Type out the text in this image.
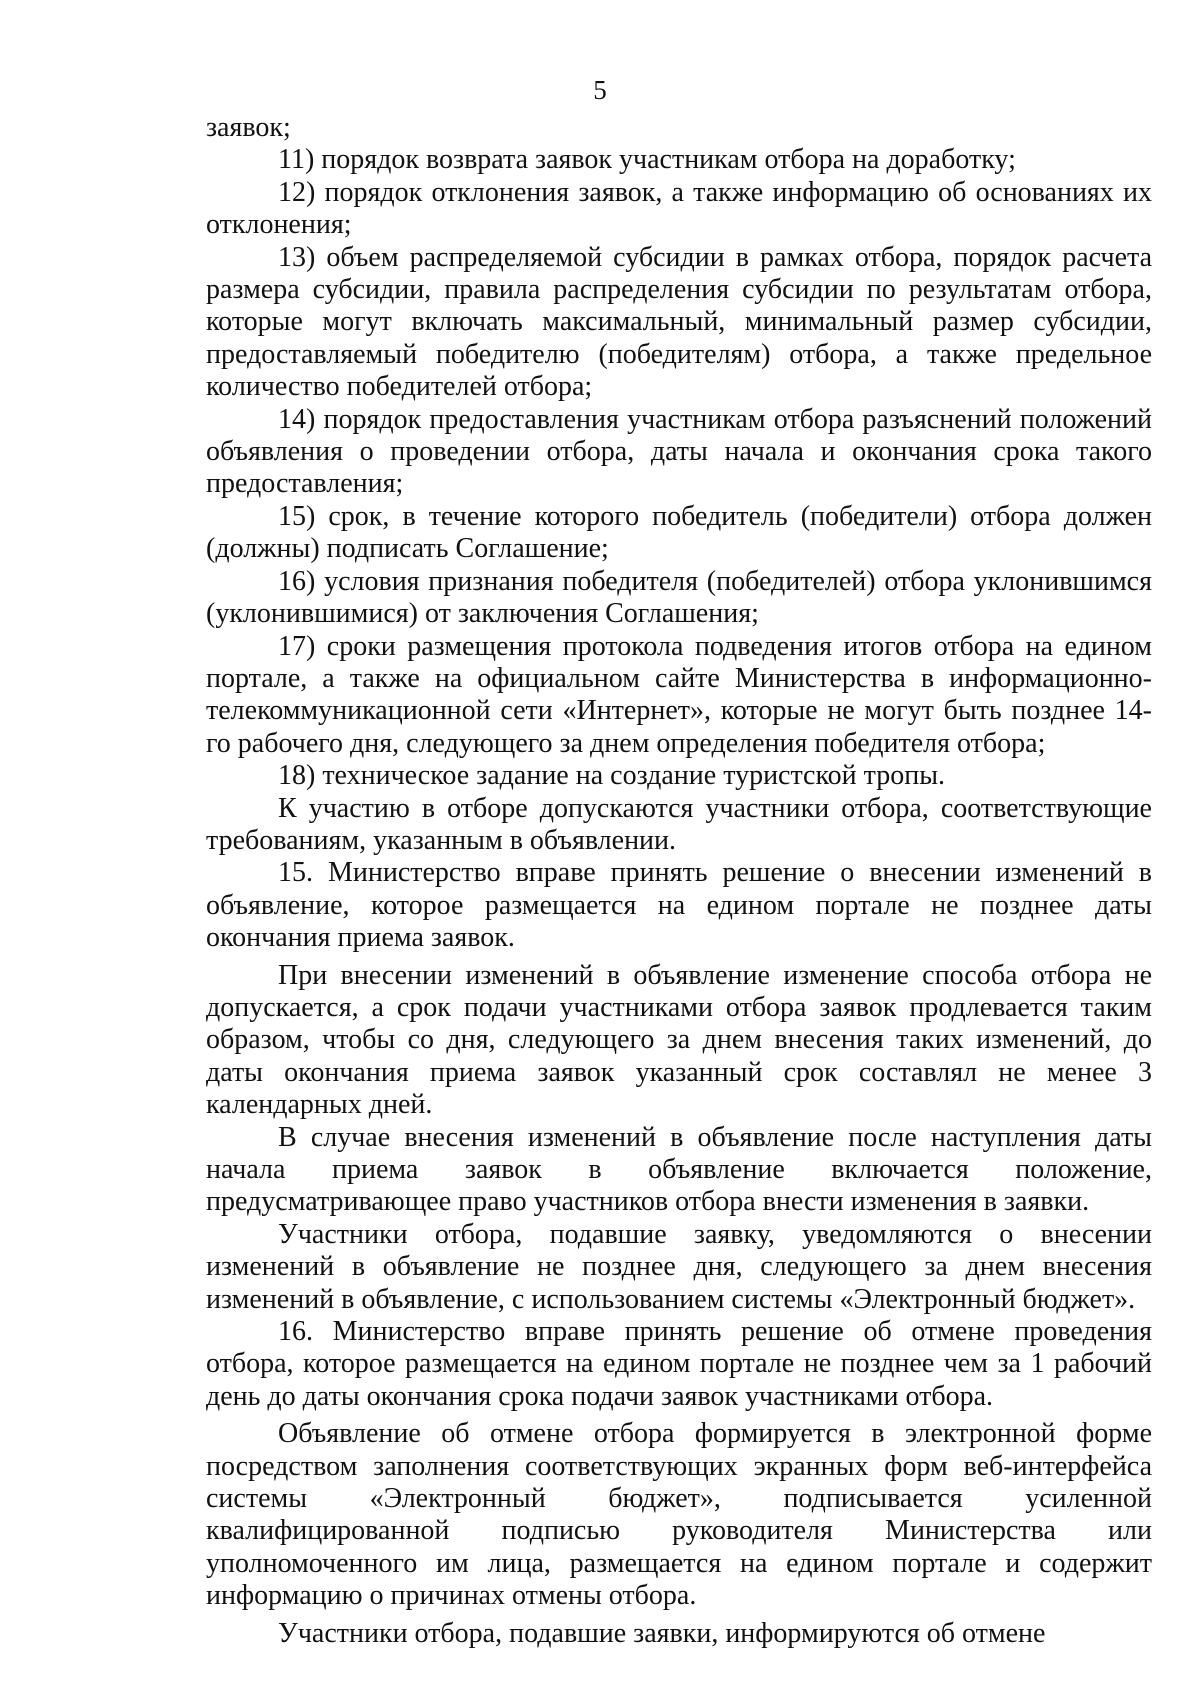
5

заявок;

11) порядок возврата заявок участникам отбора на доработку;

12) порядок отклонения заявок, а также информацию об основаниях их отклонения;

13) объем распределяемой субсидии в рамках отбора, порядок расчета размера субсидии, правила распределения субсидии по результатам отбора, которые могут включать максимальный, минимальный размер субсидии, предоставляемый победителю (победителям) отбора, а также предельное количество победителей отбора;

14) порядок предоставления участникам отбора разъяснений положений объявления о проведении отбора, даты начала и окончания срока такого предоставления;

15) срок, в течение которого победитель (победители) отбора должен (должны) подписать Соглашение;

16) условия признания победителя (победителей) отбора уклонившимся (уклонившимися) от заключения Соглашения;

17) сроки размещения протокола подведения итогов отбора на едином портале, а также на официальном сайте Министерства в информационно-телекоммуникационной сети «Интернет», которые не могут быть позднее 14-го рабочего дня, следующего за днем определения победителя отбора;

18) техническое задание на создание туристской тропы.

К участию в отборе допускаются участники отбора, соответствующие требованиям, указанным в объявлении.

15. Министерство вправе принять решение о внесении изменений в объявление, которое размещается на едином портале не позднее даты окончания приема заявок.

При внесении изменений в объявление изменение способа отбора не допускается, а срок подачи участниками отбора заявок продлевается таким образом, чтобы со дня, следующего за днем внесения таких изменений, до даты окончания приема заявок указанный срок составлял не менее 3 календарных дней.

В случае внесения изменений в объявление после наступления даты начала приема заявок в объявление включается положение, предусматривающее право участников отбора внести изменения в заявки.

Участники отбора, подавшие заявку, уведомляются о внесении изменений в объявление не позднее дня, следующего за днем внесения изменений в объявление, с использованием системы «Электронный бюджет».

16. Министерство вправе принять решение об отмене проведения отбора, которое размещается на едином портале не позднее чем за 1 рабочий день до даты окончания срока подачи заявок участниками отбора.

Объявление об отмене отбора формируется в электронной форме посредством заполнения соответствующих экранных форм веб-интерфейса системы «Электронный бюджет», подписывается усиленной квалифицированной подписью руководителя Министерства или уполномоченного им лица, размещается на едином портале и содержит информацию о причинах отмены отбора.

Участники отбора, подавшие заявки, информируются об отмене
